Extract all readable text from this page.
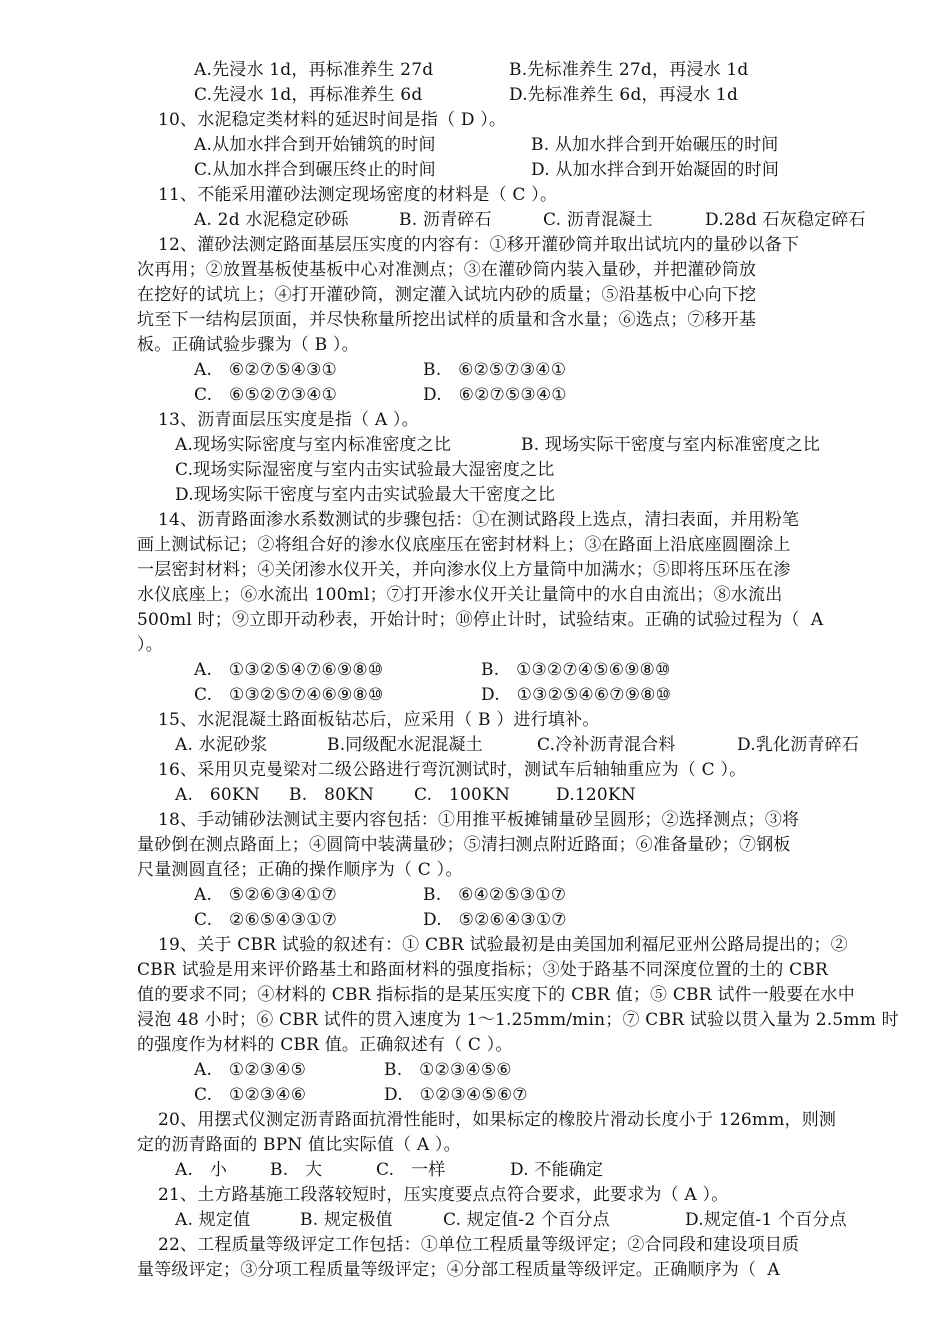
A.先浸水 1d，再标准养生 27d	B.先标准养生 27d，再浸水 1d
C.先浸水 1d，再标准养生 6d	D.先标准养生 6d，再浸水 1d
10、水泥稳定类材料的延迟时间是指（ D ）。
A.从加水拌合到开始铺筑的时间	B. 从加水拌合到开始碾压的时间
C.从加水拌合到碾压终止的时间	D. 从加水拌合到开始凝固的时间
11、不能采用灌砂法测定现场密度的材料是（ C ）。
A. 2d 水泥稳定砂砾	B. 沥青碎石	C. 沥青混凝土	D.28d 石灰稳定碎石
12、灌砂法测定路面基层压实度的内容有：①移开灌砂筒并取出试坑内的量砂以备下
次再用；②放置基板使基板中心对准测点；③在灌砂筒内装入量砂，并把灌砂筒放
在挖好的试坑上；④打开灌砂筒，测定灌入试坑内砂的质量；⑤沿基板中心向下挖
坑至下一结构层顶面，并尽快称量所挖出试样的质量和含水量；⑥选点；⑦移开基
板。正确试验步骤为（ B ）。
A.   ⑥②⑦⑤④③①	B.   ⑥②⑤⑦③④①
C.   ⑥⑤②⑦③④①	D.   ⑥②⑦⑤③④①
13、沥青面层压实度是指（ A ）。
A.现场实际密度与室内标准密度之比	B. 现场实际干密度与室内标准密度之比
C.现场实际湿密度与室内击实试验最大湿密度之比
D.现场实际干密度与室内击实试验最大干密度之比
14、沥青路面渗水系数测试的步骤包括：①在测试路段上选点，清扫表面，并用粉笔
画上测试标记；②将组合好的渗水仪底座压在密封材料上；③在路面上沿底座圆圈涂上
一层密封材料；④关闭渗水仪开关，并向渗水仪上方量筒中加满水；⑤即将压环压在渗
水仪底座上；⑥水流出 100ml；⑦打开渗水仪开关让量筒中的水自由流出；⑧水流出
500ml 时；⑨立即开动秒表，开始计时；⑩停止计时，试验结束。正确的试验过程为（  A
）。
A.   ①③②⑤④⑦⑥⑨⑧⑩	B.   ①③②⑦④⑤⑥⑨⑧⑩
C.   ①③②⑤⑦④⑥⑨⑧⑩	D.   ①③②⑤④⑥⑦⑨⑧⑩
15、水泥混凝土路面板钻芯后，应采用（ B ）进行填补。
A. 水泥砂浆	B.同级配水泥混凝土	C.冷补沥青混合料	D.乳化沥青碎石
16、采用贝克曼梁对二级公路进行弯沉测试时，测试车后轴轴重应为（ C ）。
A.   60KN B.   80KN C.   100KN	D.120KN
18、手动铺砂法测试主要内容包括：①用推平板摊铺量砂呈圆形；②选择测点；③将
量砂倒在测点路面上；④圆筒中装满量砂；⑤清扫测点附近路面；⑥准备量砂；⑦钢板
尺量测圆直径；正确的操作顺序为（ C ）。
A.   ⑤②⑥③④①⑦	B.   ⑥④②⑤③①⑦
C.   ②⑥⑤④③①⑦	D.   ⑤②⑥④③①⑦
19、关于 CBR 试验的叙述有：① CBR 试验最初是由美国加利福尼亚州公路局提出的；②
CBR 试验是用来评价路基土和路面材料的强度指标；③处于路基不同深度位置的土的 CBR
值的要求不同；④材料的 CBR 指标指的是某压实度下的 CBR 值；⑤ CBR 试件一般要在水中
浸泡 48 小时；⑥ CBR 试件的贯入速度为 1～1.25mm/min；⑦ CBR 试验以贯入量为 2.5mm 时
的强度作为材料的 CBR 值。正确叙述有（ C ）。
A.   ①②③④⑤	B.   ①②③④⑤⑥
C.   ①②③④⑥	D.   ①②③④⑤⑥⑦
20、用摆式仪测定沥青路面抗滑性能时，如果标定的橡胶片滑动长度小于 126mm，则测
定的沥青路面的 BPN 值比实际值（ A ）。
A.   小	B.   大	C.   一样	D. 不能确定
21、土方路基施工段落较短时，压实度要点点符合要求，此要求为（ A ）。
A. 规定值	B. 规定极值	C. 规定值-2 个百分点	D.规定值-1 个百分点
22、工程质量等级评定工作包括：①单位工程质量等级评定；②合同段和建设项目质
量等级评定；③分项工程质量等级评定；④分部工程质量等级评定。正确顺序为（  A
